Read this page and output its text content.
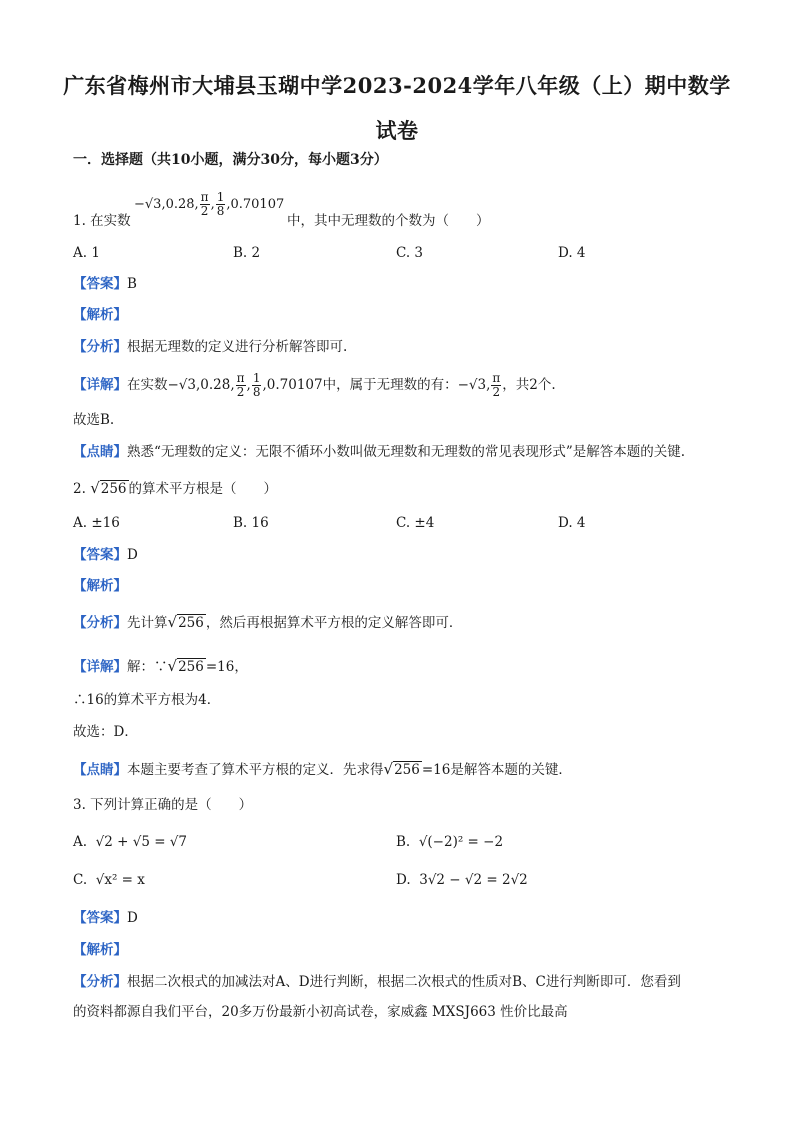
广东省梅州市大埔县玉瑚中学2023-2024学年八年级（上）期中数学
试卷
一．选择题（共10小题，满分30分，每小题3分）
−√3,0.2̇8̇, $\frac{\pi}{2}$ , $\frac{1}{8} ,0.70107$
1. 在实数	中，其中无理数的个数为（　　）
A. 1	B. 2	C. 3	D. 4
【答案】B
【解析】
【分析】根据无理数的定义进行分析解答即可.
【详解】在实数−√3,0.2̇8̇, $\frac{\pi}{2}$ , $\frac{1}{8} ,0.70107$中，属于无理数的有：−√3, $\frac{\pi}{2}$ ，共2个.
故选B.
【点睛】熟悉“无理数的定义：无限不循环小数叫做无理数和无理数的常见表现形式”是解答本题的关键.
2. √256 的算术平方根是（　　）
A. ±16	B. 16	C. ±4	D. 4
【答案】D
【解析】
【分析】先计算√256 ，然后再根据算术平方根的定义解答即可．
【详解】解：∵√256 =16，
∴16的算术平方根为4．
故选：D．
【点睛】本题主要考查了算术平方根的定义．先求得√256 =16是解答本题的关键．
3. 下列计算正确的是（　　）
A. √2 + √5 = √7	B. √(−2)² = −2
C. √x² = x	D. 3√2 − √2 = 2√2
【答案】D
【解析】
【分析】根据二次根式的加减法对A、D进行判断，根据二次根式的性质对B、C进行判断即可．您看到
的资料都源自我们平台，20多万份最新小初高试卷，家威鑫 MXSJ663 性价比最高
